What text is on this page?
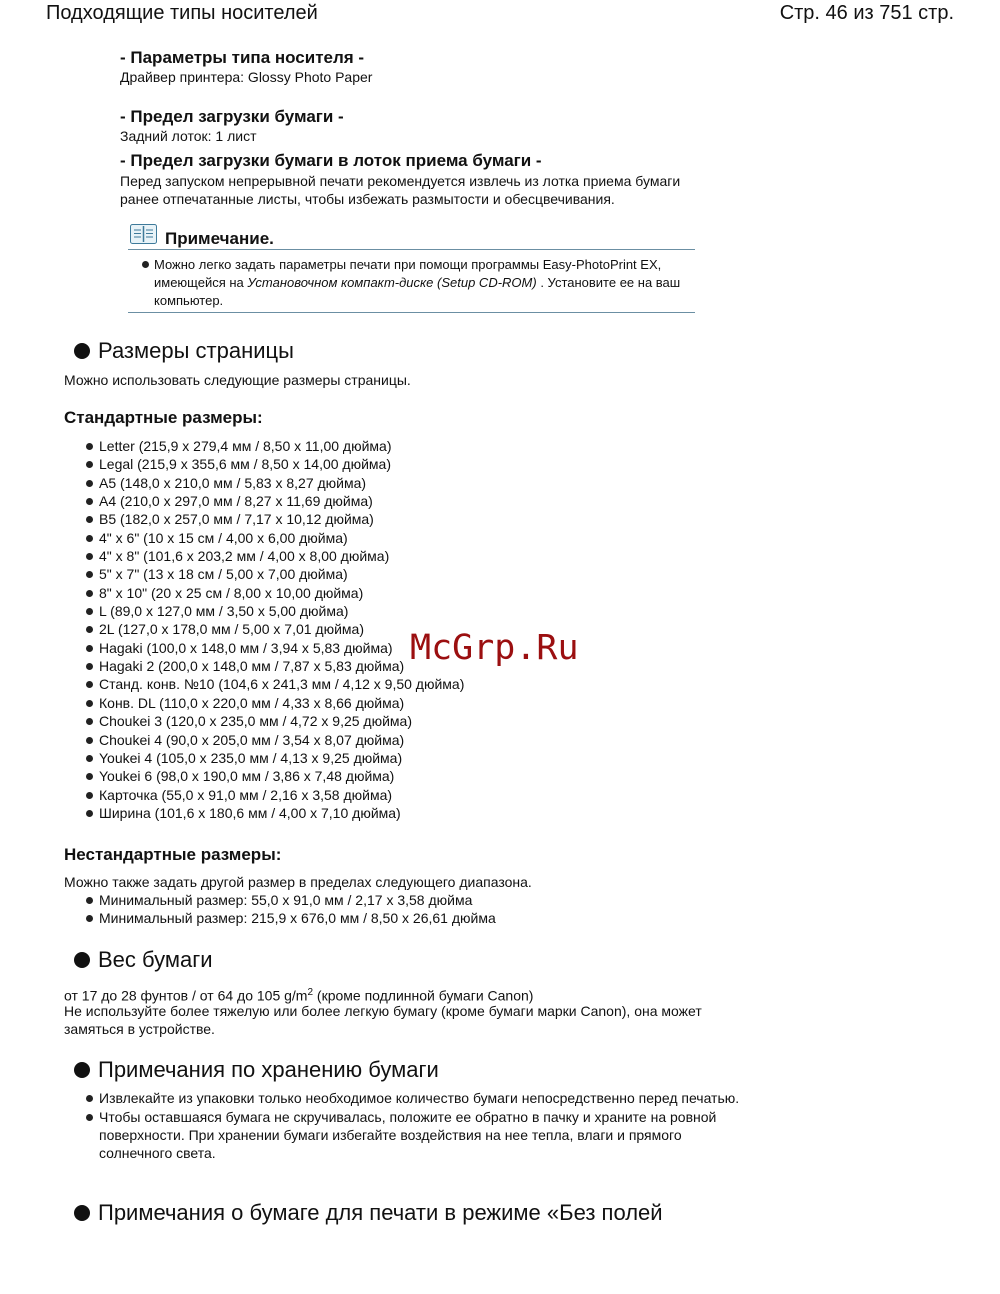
Подходящие типы носителей	Стр. 46 из 751 стр.
- Параметры типа носителя -
Драйвер принтера: Glossy Photo Paper
- Предел загрузки бумаги -
Задний лоток: 1 лист
- Предел загрузки бумаги в лоток приема бумаги -
Перед запуском непрерывной печати рекомендуется извлечь из лотка приема бумаги
ранее отпечатанные листы, чтобы избежать размытости и обесцвечивания.
Примечание.
Можно легко задать параметры печати при помощи программы Easy-PhotoPrint EX, имеющейся на Установочном компакт-диске (Setup CD-ROM) . Установите ее на ваш компьютер.
Размеры страницы
Можно использовать следующие размеры страницы.
Стандартные размеры:
Letter (215,9 x 279,4 мм / 8,50 x 11,00 дюйма)
Legal (215,9 x 355,6 мм / 8,50 x 14,00 дюйма)
A5 (148,0 x 210,0 мм / 5,83 x 8,27 дюйма)
A4 (210,0 x 297,0 мм / 8,27 x 11,69 дюйма)
B5 (182,0 x 257,0 мм / 7,17 x 10,12 дюйма)
4" x 6" (10 x 15 см / 4,00 x 6,00 дюйма)
4" x 8" (101,6 x 203,2 мм / 4,00 x 8,00 дюйма)
5" x 7" (13 x 18 см / 5,00 x 7,00 дюйма)
8" x 10" (20 x 25 см / 8,00 x 10,00 дюйма)
L (89,0 x 127,0 мм / 3,50 x 5,00 дюйма)
2L (127,0 x 178,0 мм / 5,00 x 7,01 дюйма)
Hagaki (100,0 x 148,0 мм / 3,94 x 5,83 дюйма)
Hagaki 2 (200,0 x 148,0 мм / 7,87 x 5,83 дюйма)
Станд. конв. №10 (104,6 x 241,3 мм / 4,12 x 9,50 дюйма)
Конв. DL (110,0 x 220,0 мм / 4,33 x 8,66 дюйма)
Choukei 3 (120,0 x 235,0 мм / 4,72 x 9,25 дюйма)
Choukei 4 (90,0 x 205,0 мм / 3,54 x 8,07 дюйма)
Youkei 4 (105,0 x 235,0 мм / 4,13 x 9,25 дюйма)
Youkei 6 (98,0 x 190,0 мм / 3,86 x 7,48 дюйма)
Карточка (55,0 x 91,0 мм / 2,16 x 3,58 дюйма)
Ширина (101,6 x 180,6 мм / 4,00 x 7,10 дюйма)
Нестандартные размеры:
Можно также задать другой размер в пределах следующего диапазона.
Минимальный размер: 55,0 x 91,0 мм / 2,17 x 3,58 дюйма
Минимальный размер: 215,9 x 676,0 мм / 8,50 x 26,61 дюйма
McGrp.Ru
Вес бумаги
от 17 до 28 фунтов / от 64 до 105 $g/m^2$ (кроме подлинной бумаги Canon)
Не используйте более тяжелую или более легкую бумагу (кроме бумаги марки Canon), она может
замяться в устройстве.
Примечания по хранению бумаги
Извлекайте из упаковки только необходимое количество бумаги непосредственно перед печатью.
Чтобы оставшаяся бумага не скручивалась, положите ее обратно в пачку и храните на ровной поверхности. При хранении бумаги избегайте воздействия на нее тепла, влаги и прямого солнечного света.
Примечания о бумаге для печати в режиме «Без полей
